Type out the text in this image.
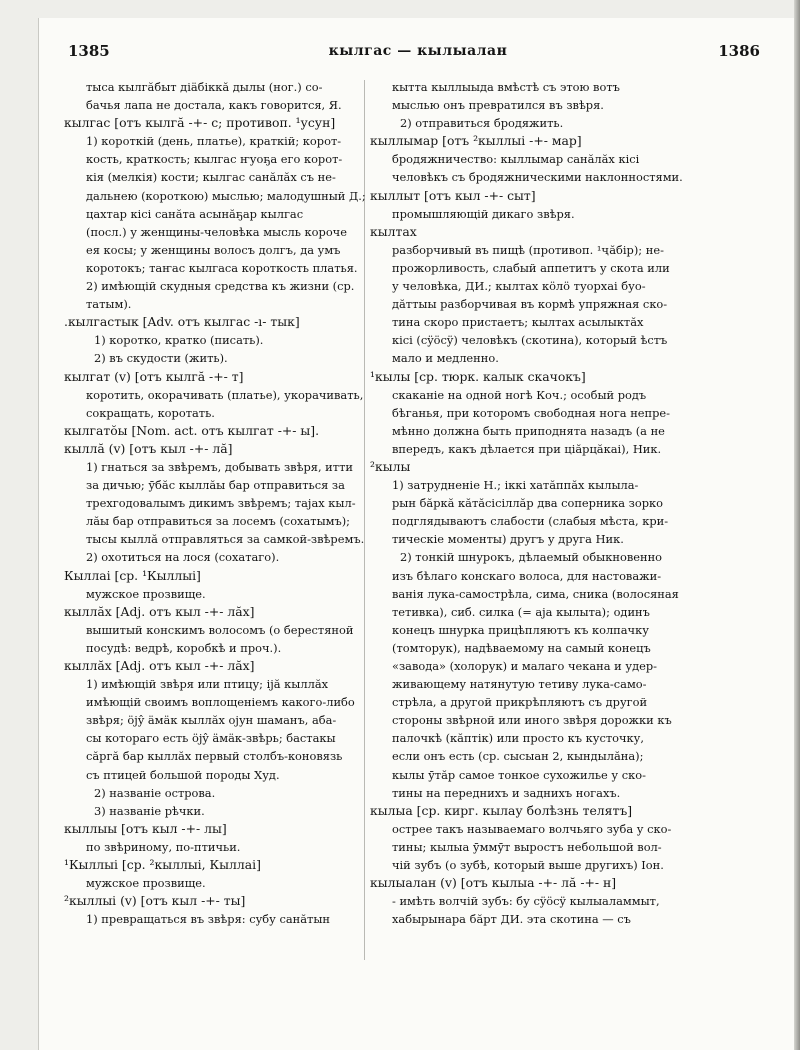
1385	кылгас — кылыалан	1386
тыса кылгăбыт діäбiккă дылы (ног.) со-
бачья лапа не достала, какъ говорится, Я.
кылгас [отъ кылгă -+- с; противоп. ¹усун]
1) короткiй (день, платье), краткiй; корот-
кость, краткость; кылгас ҥуоҕа его корот-
кiя (мелкiя) кости; кылгас санăлăх съ не-
дальнею (короткою) мыслью; малодушный Д.;
цахтар кiсi санăта асынăҕар кылгас
(посл.) у женщины-человѣка мысль короче
ея косы; у женщины волосъ долгъ, да умъ
коротокъ; таҥас кылгаса короткость платья.
2) имѣющiй скудныя средства къ жизни (ср.
татым).
.кылгастык [Adv. отъ кылгас -ı- тык]
1) коротко, кратко (писать).
2) въ скудости (жить).
кылгат (v) [отъ кылгă -+- т]
коротить, окорачивать (платье), укорачивать,
сокращать, коротать.
кылгатŏы [Nom. act. отъ кылгат -+- ы].
кыллă (v) [отъ кыл -+- лă]
1) гнаться за звѣремъ, добывать звѣря, итти
за дичью; ӯбăс кыллăы бар отправиться за
трехгодовалымъ дикимъ звѣремъ; таjах кыл-
лăы бар отправиться за лосемъ (сохатымъ);
тысы кыллă отправляться за самкой-звѣремъ.
2) охотиться на лося (сохатаго).
Кыллаі [ср. ¹Кыллыі]
мужское прозвище.
кыллăх [Adj. отъ кыл -+- лăх]
вышитый конскимъ волосомъ (о берестяной
посудѣ: ведрѣ, коробкѣ и проч.).
кыллăх [Adj. отъ кыл -+- лăх]
1) имѣющiй звѣря или птицу; іjă кыллăх
имѣющiй своимъ воплощенiемъ какого-либо
звѣря; öjŷ äмäк кыллăх оjун шаманъ, аба-
сы котораго есть öjŷ äмäк-звѣрь; бастакы
сăргă бар кыллăх первый столбъ-коновязь
съ птицей большой породы Худ.
2) названiе острова.
3) названiе рѣчки.
кыллыы [отъ кыл -+- лы]
по звѣриному, по-птичьи.
¹Кыллыі [ср. ²кыллыі, Кыллаі]
мужское прозвище.
²кыллыі (v) [отъ кыл -+- ты]
1) превращаться въ звѣря: субу санăтын
кытта кыллыыда вмѣстѣ съ этою вотъ
мыслью онъ превратился въ звѣря.
2) отправиться бродяжить.
кыллымар [отъ ²кыллыі -+- мар]
бродяжничество: кыллымар санăлăх кiсi
человѣкъ съ бродяжническими наклонностями.
кыллыт [отъ кыл -+- сыт]
промышляющiй дикаго звѣря.
кылтах
разборчивый въ пищѣ (противоп. ¹ҷăбір); не-
прожорливость, слабый аппетитъ у скота или
у человѣка, ДИ.; кылтах кöлö туорхаі буо-
дăттыы разборчивая въ кормѣ упряжная ско-
тина скоро пристаетъ; кылтах асылыктăх
кiсi (сÿöсÿ) человѣкъ (скотина), который ѣстъ
мало и медленно.
¹кылы [ср. тюрк. калык скачокъ]
скаканiе на одной ногѣ Коч.; особый родъ
бѣганья, при которомъ свободная нога непре-
мѣнно должна быть приподнята назадъ (а не
впередъ, какъ дѣлается при ціăрцăкаі), Ник.
²кылы
1) затрудненiе Н.; iккi хатăппăх кылыла-
рын бăркă кăтăсiсiллăр два соперника зорко
подглядываютъ слабости (слабыя мѣста, кри-
тическiе моменты) другъ у друга Ник.
2) тонкiй шнурокъ, дѣлаемый обыкновенно
изъ бѣлаго конскаго волоса, для настоважи-
ванiя лука-самострѣла, сима, сника (волосяная
тетивка), сиб. силка (= аjа кылыта); одинъ
конецъ шнурка прицѣпляютъ къ колпачку
(томторук), надѣваемому на самый конецъ
«завода» (холорук) и малаго чекана и удер-
живающему натянутую тетиву лука-само-
стрѣла, а другой прикрѣпляютъ съ другой
стороны звѣрной или иного звѣря дорожки къ
палочкѣ (кăптiк) или просто къ кусточку,
если онъ есть (ср. сысыан 2, кындылăна);
кылы ӯтăр самое тонкое сухожилье у ско-
тины на переднихъ и заднихъ ногахъ.
кылыа [ср. кирг. кылау болѣзнь телятъ]
острее такъ называемаго волчьяго зуба у ско-
тины; кылыа ӯммӯт выростъ небольшой вол-
чiй зубъ (о зубѣ, который выше другихъ) Іон.
кылыалан (v) [отъ кылыа -+- лă -+- н]
- имѣть волчiй зубъ: бу сÿöсÿ кылыаламмыт,
хабырынара бăрт ДИ. эта скотина — съ
